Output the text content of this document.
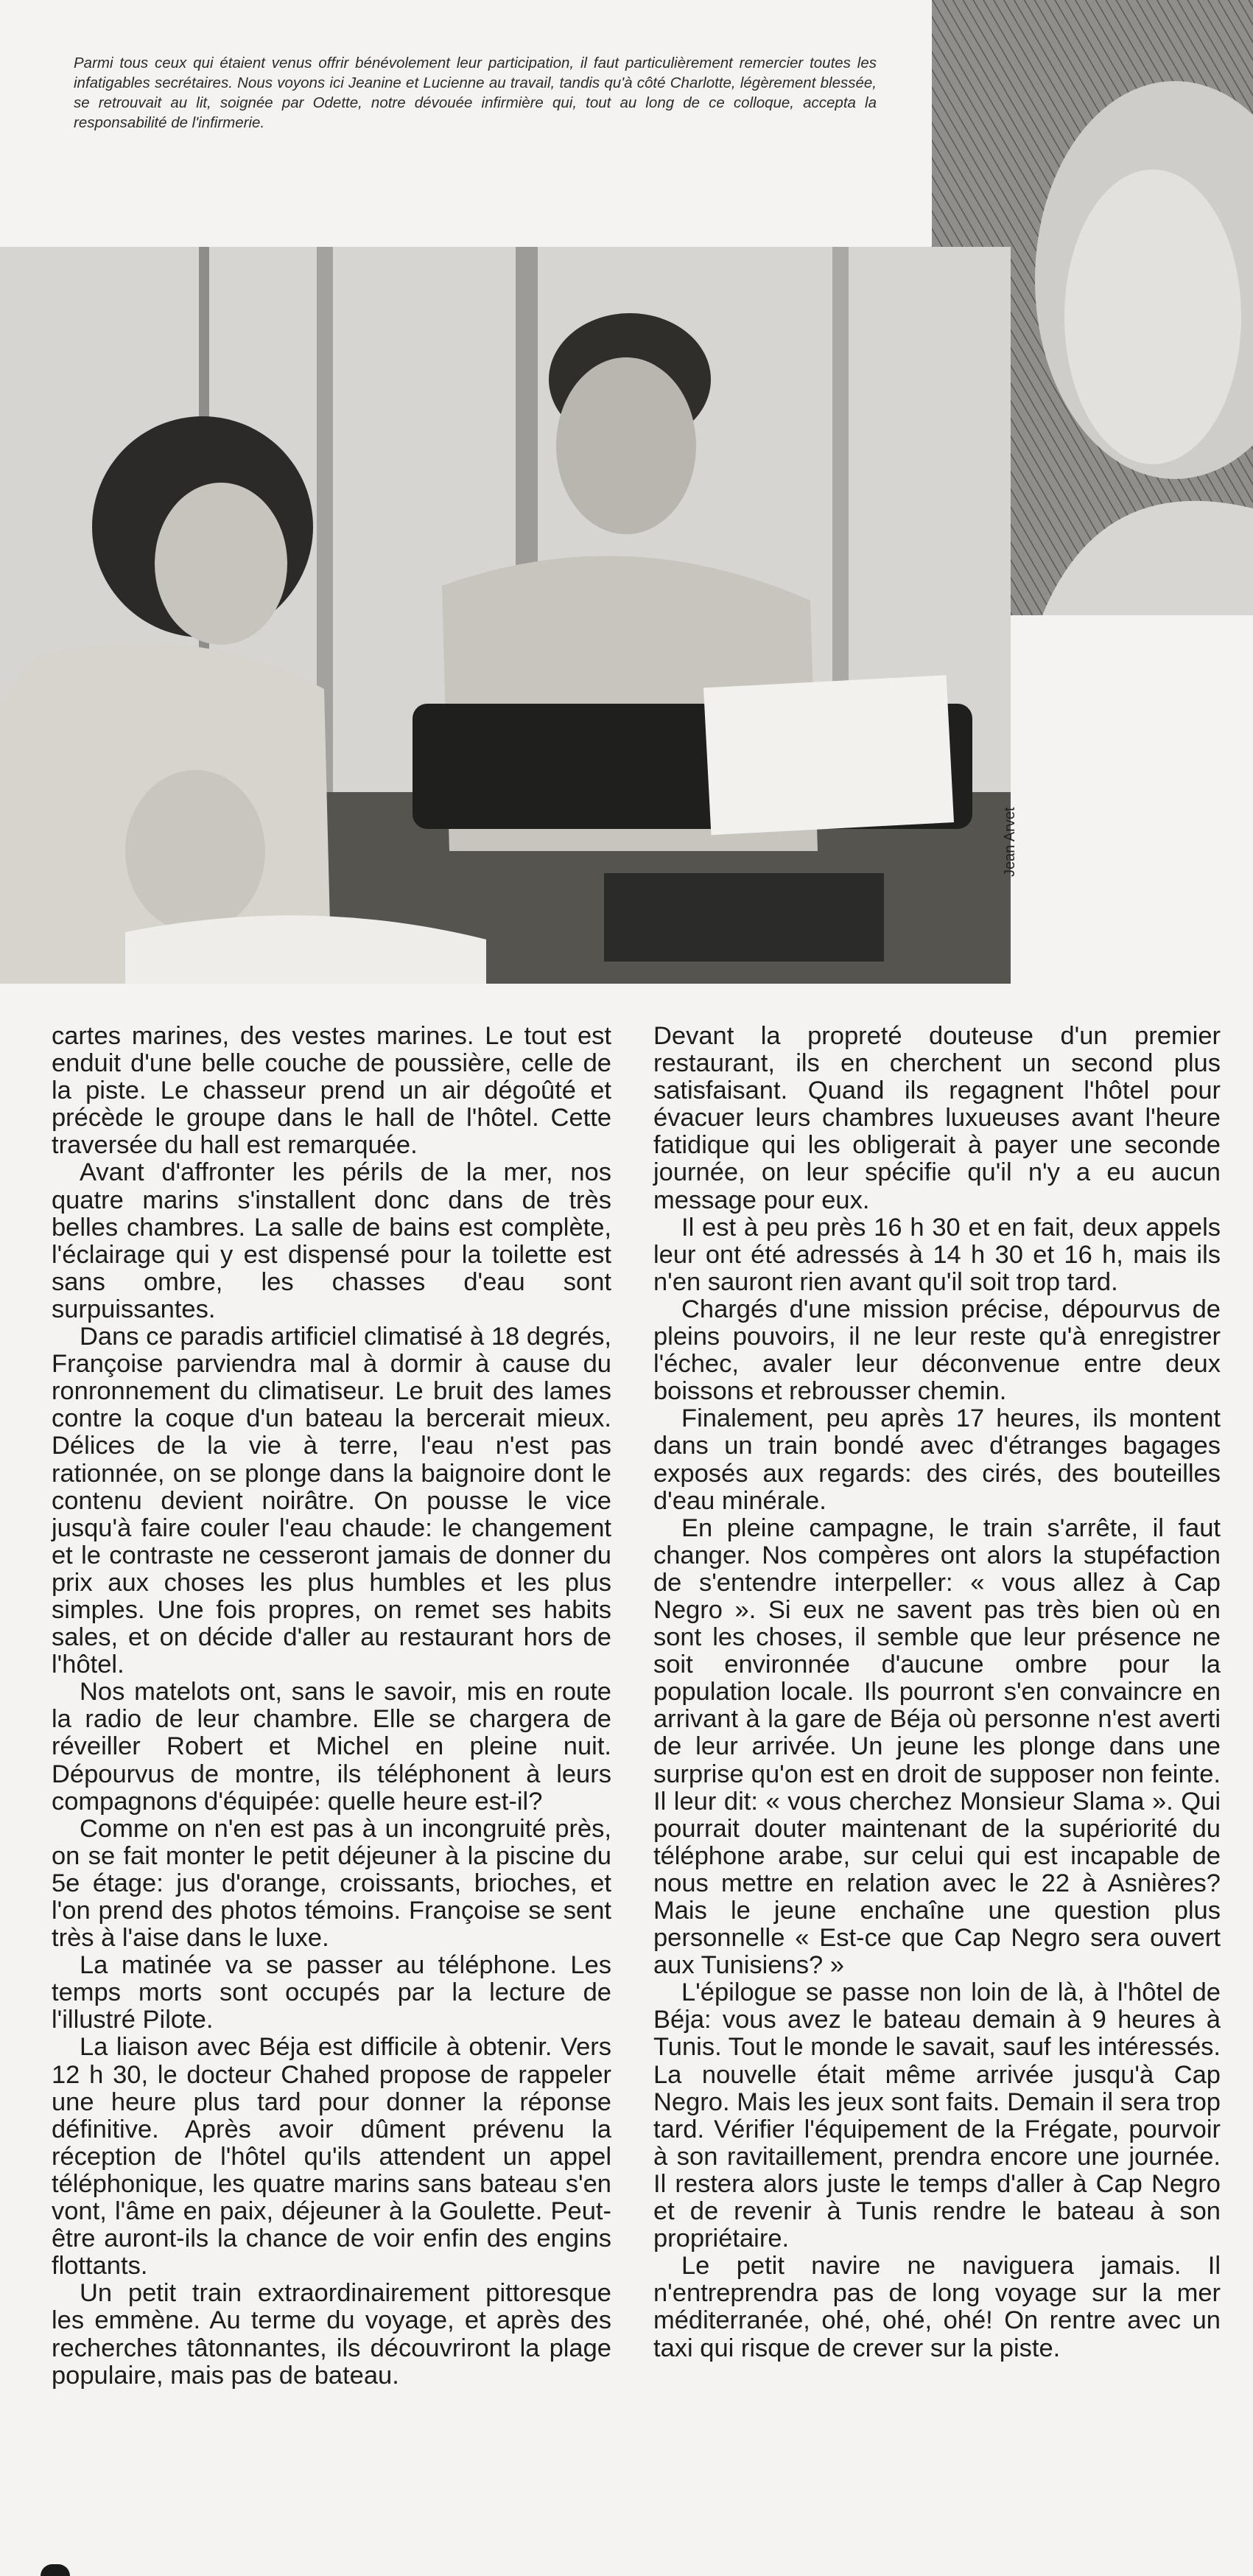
Parmi tous ceux qui étaient venus offrir bénévolement leur participation, il faut particulièrement remercier toutes les infatigables secrétaires. Nous voyons ici Jeanine et Lucienne au travail, tandis qu'à côté Charlotte, légèrement blessée, se retrouvait au lit, soignée par Odette, notre dévouée infirmière qui, tout au long de ce colloque, accepta la responsabilité de l'infirmerie.

Jean Arvet

cartes marines, des vestes marines. Le tout est enduit d'une belle couche de poussière, celle de la piste. Le chasseur prend un air dégoûté et précède le groupe dans le hall de l'hôtel. Cette traversée du hall est remarquée.

Avant d'affronter les périls de la mer, nos quatre marins s'installent donc dans de très belles chambres. La salle de bains est complète, l'éclairage qui y est dispensé pour la toilette est sans ombre, les chasses d'eau sont surpuissantes.

Dans ce paradis artificiel climatisé à 18 degrés, Françoise parviendra mal à dormir à cause du ronronnement du climatiseur. Le bruit des lames contre la coque d'un bateau la bercerait mieux. Délices de la vie à terre, l'eau n'est pas rationnée, on se plonge dans la baignoire dont le contenu devient noirâtre. On pousse le vice jusqu'à faire couler l'eau chaude: le changement et le contraste ne cesseront jamais de donner du prix aux choses les plus humbles et les plus simples. Une fois propres, on remet ses habits sales, et on décide d'aller au restaurant hors de l'hôtel.

Nos matelots ont, sans le savoir, mis en route la radio de leur chambre. Elle se chargera de réveiller Robert et Michel en pleine nuit. Dépourvus de montre, ils téléphonent à leurs compagnons d'équipée: quelle heure est-il?

Comme on n'en est pas à un incongruité près, on se fait monter le petit déjeuner à la piscine du 5e étage: jus d'orange, croissants, brioches, et l'on prend des photos témoins. Françoise se sent très à l'aise dans le luxe.

La matinée va se passer au téléphone. Les temps morts sont occupés par la lecture de l'illustré Pilote.

La liaison avec Béja est difficile à obtenir. Vers 12 h 30, le docteur Chahed propose de rappeler une heure plus tard pour donner la réponse définitive. Après avoir dûment prévenu la réception de l'hôtel qu'ils attendent un appel téléphonique, les quatre marins sans bateau s'en vont, l'âme en paix, déjeuner à la Goulette. Peut-être auront-ils la chance de voir enfin des engins flottants.

Un petit train extraordinairement pittoresque les emmène. Au terme du voyage, et après des recherches tâtonnantes, ils découvriront la plage populaire, mais pas de bateau.

Devant la propreté douteuse d'un premier restaurant, ils en cherchent un second plus satisfaisant. Quand ils regagnent l'hôtel pour évacuer leurs chambres luxueuses avant l'heure fatidique qui les obligerait à payer une seconde journée, on leur spécifie qu'il n'y a eu aucun message pour eux.

Il est à peu près 16 h 30 et en fait, deux appels leur ont été adressés à 14 h 30 et 16 h, mais ils n'en sauront rien avant qu'il soit trop tard.

Chargés d'une mission précise, dépourvus de pleins pouvoirs, il ne leur reste qu'à enregistrer l'échec, avaler leur déconvenue entre deux boissons et rebrousser chemin.

Finalement, peu après 17 heures, ils montent dans un train bondé avec d'étranges bagages exposés aux regards: des cirés, des bouteilles d'eau minérale.

En pleine campagne, le train s'arrête, il faut changer. Nos compères ont alors la stupéfaction de s'entendre interpeller: « vous allez à Cap Negro ». Si eux ne savent pas très bien où en sont les choses, il semble que leur présence ne soit environnée d'aucune ombre pour la population locale. Ils pourront s'en convaincre en arrivant à la gare de Béja où personne n'est averti de leur arrivée. Un jeune les plonge dans une surprise qu'on est en droit de supposer non feinte. Il leur dit: « vous cherchez Monsieur Slama ». Qui pourrait douter maintenant de la supériorité du téléphone arabe, sur celui qui est incapable de nous mettre en relation avec le 22 à Asnières? Mais le jeune enchaîne une question plus personnelle « Est-ce que Cap Negro sera ouvert aux Tunisiens? »

L'épilogue se passe non loin de là, à l'hôtel de Béja: vous avez le bateau demain à 9 heures à Tunis. Tout le monde le savait, sauf les intéressés. La nouvelle était même arrivée jusqu'à Cap Negro. Mais les jeux sont faits. Demain il sera trop tard. Vérifier l'équipement de la Frégate, pourvoir à son ravitaillement, prendra encore une journée. Il restera alors juste le temps d'aller à Cap Negro et de revenir à Tunis rendre le bateau à son propriétaire.

Le petit navire ne naviguera jamais. Il n'entreprendra pas de long voyage sur la mer méditerranée, ohé, ohé, ohé! On rentre avec un taxi qui risque de crever sur la piste.
